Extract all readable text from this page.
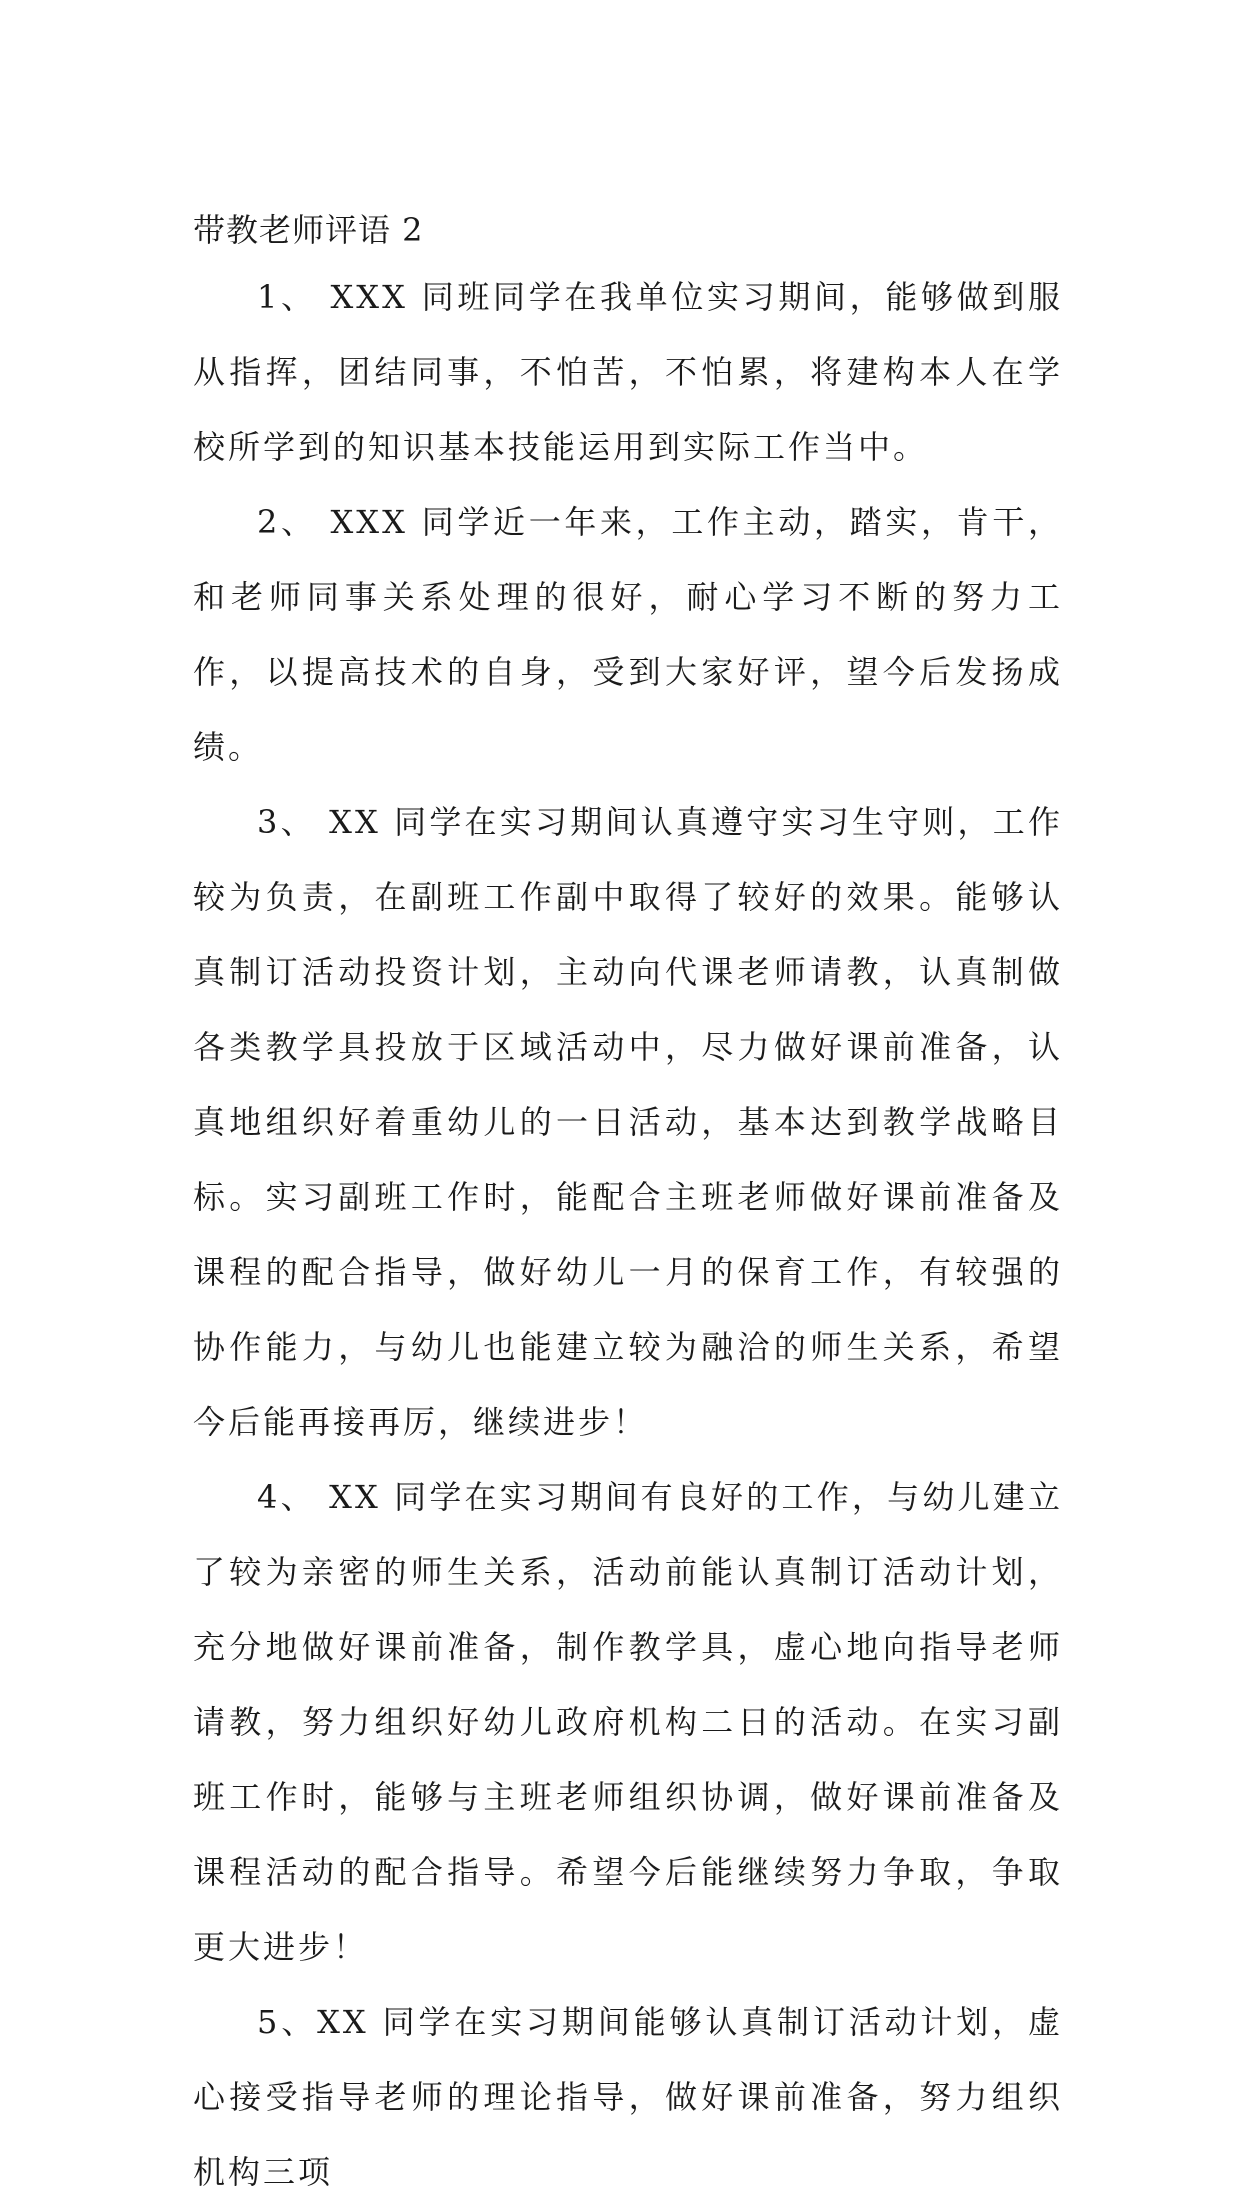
带教老师评语 2

1、 XXX 同班同学在我单位实习期间，能够做到服从指挥，团结同事，不怕苦，不怕累，将建构本人在学校所学到的知识基本技能运用到实际工作当中。

2、 XXX 同学近一年来，工作主动，踏实，肯干，和老师同事关系处理的很好，耐心学习不断的努力工作，以提高技术的自身，受到大家好评，望今后发扬成绩。

3、 XX 同学在实习期间认真遵守实习生守则，工作较为负责，在副班工作副中取得了较好的效果。能够认真制订活动投资计划，主动向代课老师请教，认真制做各类教学具投放于区域活动中，尽力做好课前准备，认真地组织好着重幼儿的一日活动，基本达到教学战略目标。实习副班工作时，能配合主班老师做好课前准备及课程的配合指导，做好幼儿一月的保育工作，有较强的协作能力，与幼儿也能建立较为融洽的师生关系，希望今后能再接再厉，继续进步！

4、 XX 同学在实习期间有良好的工作，与幼儿建立了较为亲密的师生关系，活动前能认真制订活动计划，充分地做好课前准备，制作教学具，虚心地向指导老师请教，努力组织好幼儿政府机构二日的活动。在实习副班工作时，能够与主班老师组织协调，做好课前准备及课程活动的配合指导。希望今后能继续努力争取，争取更大进步！

5、XX 同学在实习期间能够认真制订活动计划，虚心接受指导老师的理论指导，做好课前准备，努力组织机构三项
